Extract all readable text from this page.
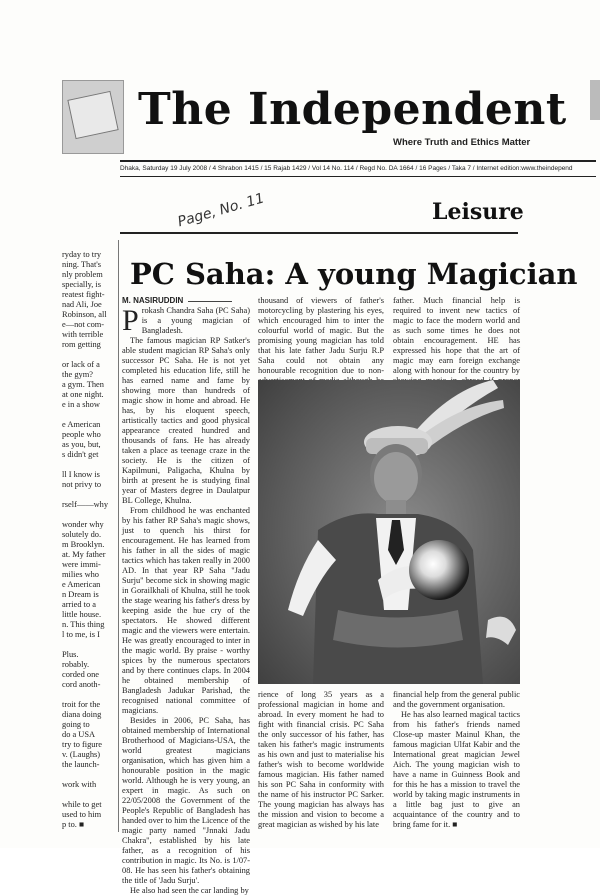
The Independent
Where Truth and Ethics Matter
Dhaka, Saturday 19 July 2008 / 4 Shrabon 1415 / 15 Rajab 1429 / Vol 14 No. 114 / Regd No. DA 1664 / 16 Pages / Taka 7 / Internet edition:www.theindepend
Page, No. 11	Leisure
PC Saha: A young Magician
ryday to try
ning. That's
nly problem
specially, is
reatest fight-
nad Ali, Joe
Robinson, all
e—not com-
with terrible
rom getting

or lack of a
the gym?
a gym. Then
at one night.
e in a show

e American
people who
as you, but,
s didn't get

ll I know is
not privy to

rself——why

wonder why
solutely do.
m Brooklyn.
at. My father
were immi-
milies who
e American
n Dream is
arried to a
little house.
n. This thing
l to me, is I

Plus.
robably.
corded one
cord anoth-

troit for the
diana doing
going to
do a USA
try to figure
v. (Laughs)
the launch-

work with

while to get
used to him
p to. ■
M. NASIRUDDIN

Prokash Chandra Saha (PC Saha) is a young magician of Bangladesh.

The famous magician RP Satker's able student magician RP Saha's only successor PC Saha. He is not yet completed his education life, still he has earned name and fame by showing more than hundreds of magic show in home and abroad. He has, by his eloquent speech, artistically tactics and good physical appearance created hundred and thousands of fans. He has already taken a place as teenage craze in the society. He is the citizen of Kapilmuni, Paligacha, Khulna by birth at present he is studying final year of Masters degree in Daulatpur BL College, Khulna.

From childhood he was enchanted by his father RP Saha's magic shows, just to quench his thirst for encouragement. He has learned from his father in all the sides of magic tactics which has taken really in 2000 AD. In that year RP Saha "Jadu Surju" become sick in showing magic in Gorailkhali of Khulna, still he took the stage wearing his father's dress by keeping aside the hue cry of the spectators. He showed different magic and the viewers were entertain. He was greatly encouraged to inter in the magic world. By praise - worthy spices by the numerous spectators and by there continues claps. In 2004 he obtained membership of Bangladesh Jadukar Parishad, the recognised national committee of magicians.

Besides in 2006, PC Saha, has obtained membership of International Brotherhood of Magicians-USA, the world greatest magicians organisation, which has given him a honourable position in the magic world. Although he is very young, an expert in magic. As such on 22/05/2008 the Government of the People's Republic of Bangladesh has handed over to him the Licence of the magic party named "Jnnaki Jadu Chakra", established by his late father, as a recognition of his contribution in magic. Its No. is 1/07-08. He has seen his father's obtaining the title of 'Jadu Surju'.

He also had seen the car landing by

thousand of viewers of father's motorcycling by plastering his eyes, which encouraged him to inter the colourful world of magic. But the promising young magician has told that his late father Jadu Surju R.P Saha could not obtain any honourable recognition due to non-

father. Much financial help is required to invent new tactics of magic to face the modern world and as such some times he does not obtain encouragement. HE has expressed his hope that the art of magic may earn foreign exchange along with honour for the country by

rience of long 35 years as a professional magician in home and abroad. In every moment he had to fight with financial crisis. PC Saha the only successor of his father, has taken his father's magic instruments as his own and just to materialise his father's wish to become worldwide famous magician. His father named his son PC Saha in conformity with the name of his instructor PC Sarker. The young magician has always has the mission and vision to become a great magician as wished by his late

financial help from the general public and the government organisation.

He has also learned magical tactics from his father's friends named Close-up master Mainul Khan, the famous magician Ulfat Kabir and the International great magician Jewel Aich. The young magician wish to have a name in Guinness Book and for this he has a mission to travel the world by taking magic instruments in a little bag just to give an acquaintance of the country and to bring fame for it. ■
